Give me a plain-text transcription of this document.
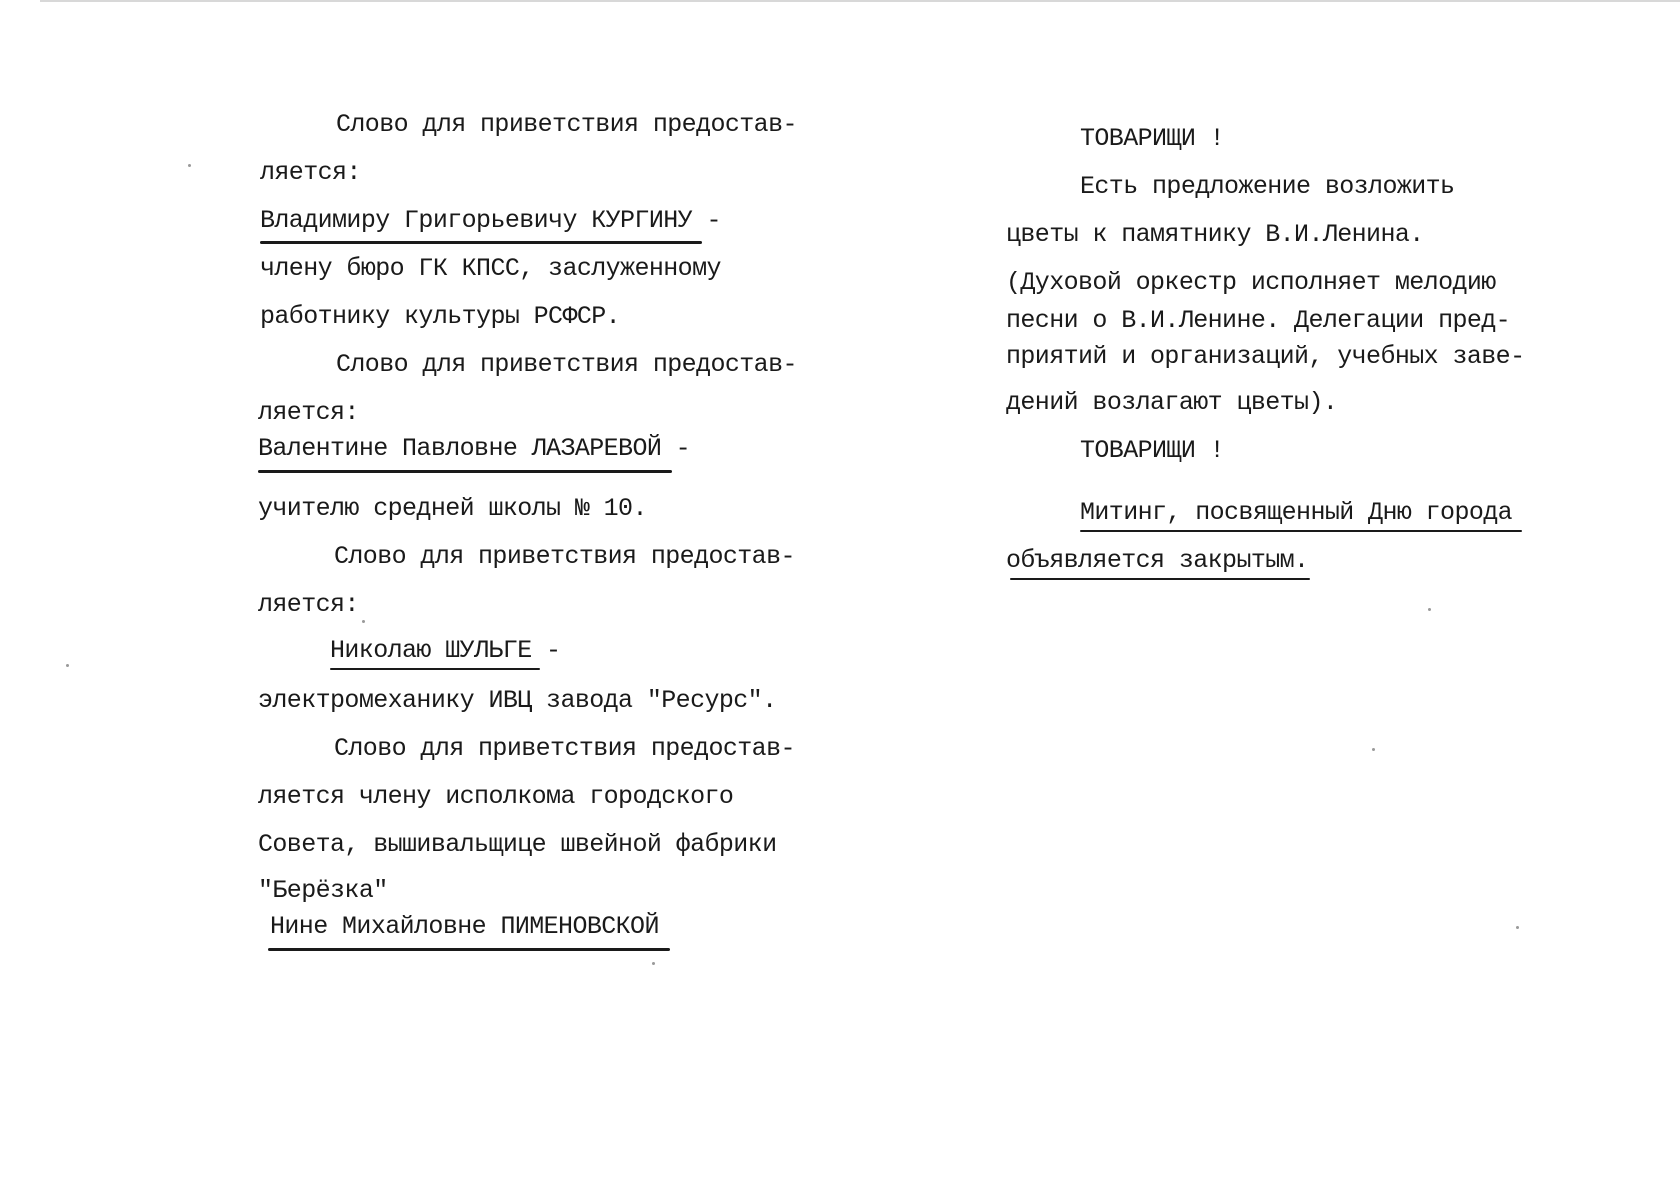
Слово для приветствия предостав-
ляется:
Владимиру Григорьевичу КУРГИНУ -
члену бюро ГК КПСС, заслуженному
работнику культуры РСФСР.
Слово для приветствия предостав-
ляется:
Валентине Павловне ЛАЗАРЕВОЙ -
учителю средней школы № 10.
Слово для приветствия предостав-
ляется:
Николаю ШУЛЬГЕ -
электромеханику ИВЦ завода "Ресурс".
Слово для приветствия предостав-
ляется члену исполкома городского
Совета, вышивальщице швейной фабрики
"Берёзка"
Нине Михайловне ПИМЕНОВСКОЙ
ТОВАРИЩИ !
Есть предложение возложить
цветы к памятнику В.И.Ленина.
(Духовой оркестр исполняет мелодию
песни о В.И.Ленине. Делегации пред-
приятий и организаций, учебных заве-
дений возлагают цветы).
ТОВАРИЩИ !
Митинг, посвященный Дню города
объявляется закрытым.
